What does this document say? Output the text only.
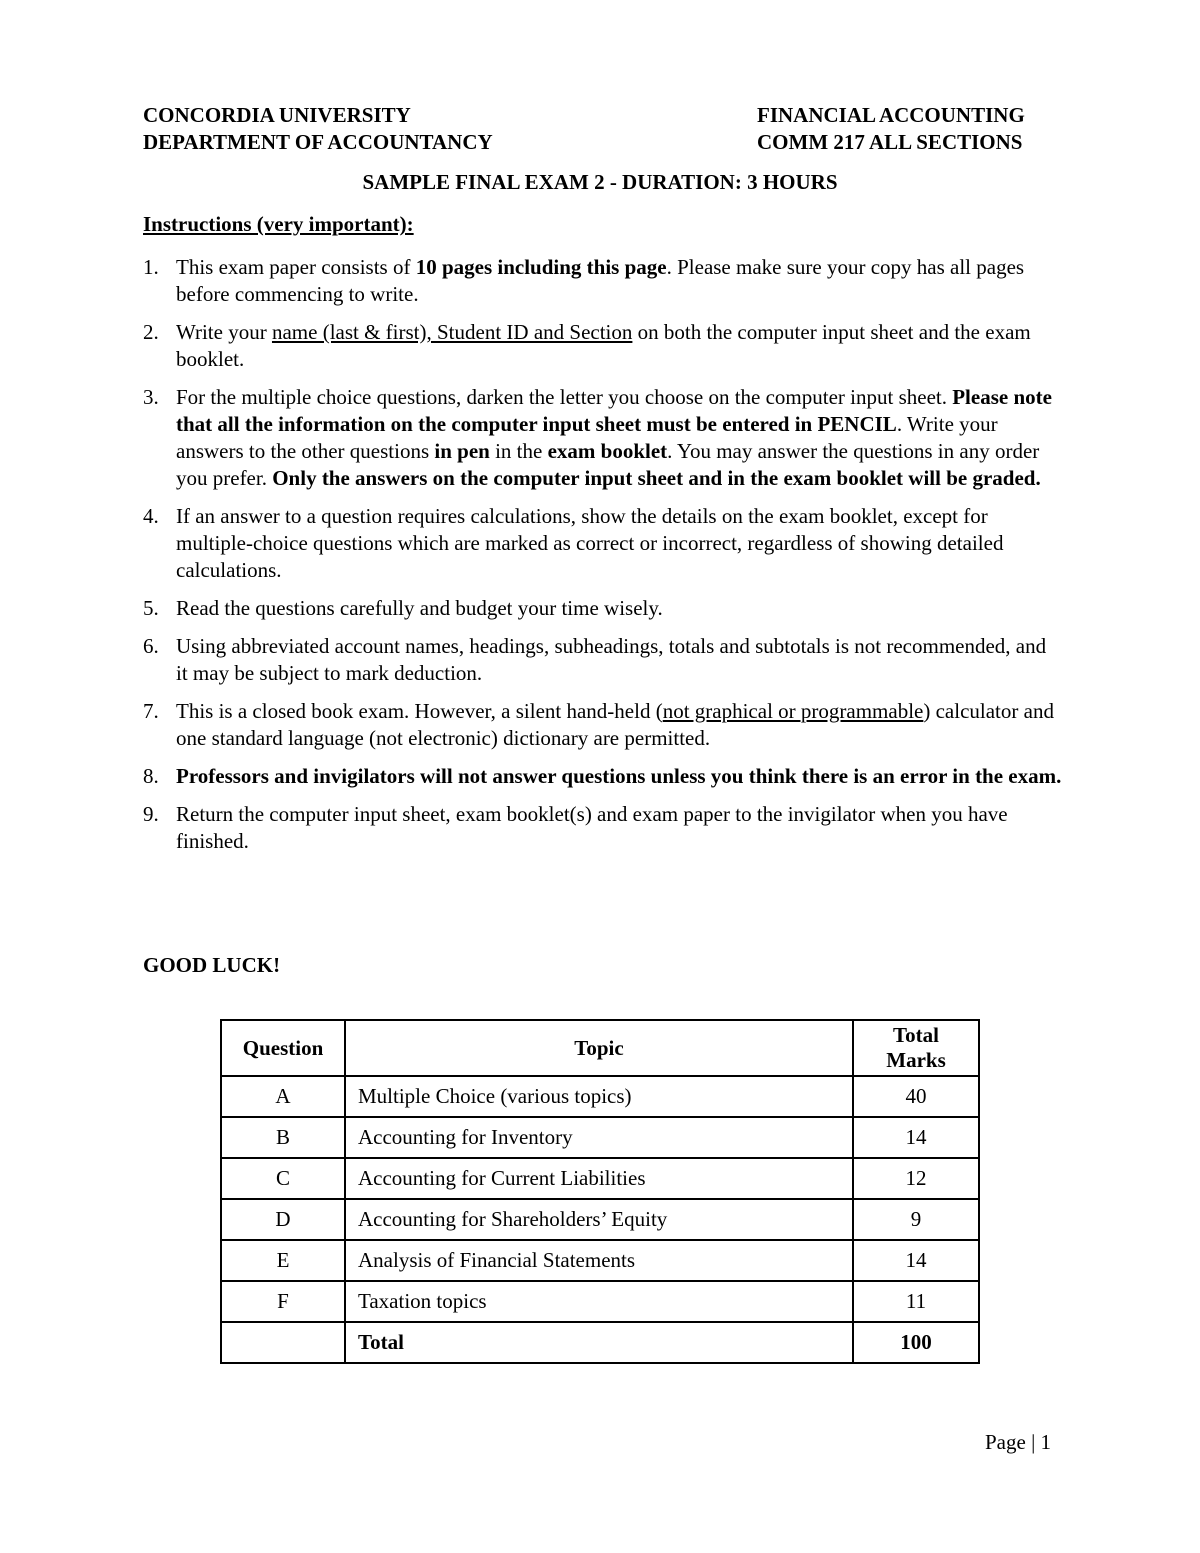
CONCORDIA UNIVERSITY
DEPARTMENT OF ACCOUNTANCY
FINANCIAL ACCOUNTING
COMM 217 ALL SECTIONS
SAMPLE FINAL EXAM 2 - DURATION: 3 HOURS
Instructions (very important):
1. This exam paper consists of 10 pages including this page. Please make sure your copy has all pages before commencing to write.
2. Write your name (last & first), Student ID and Section on both the computer input sheet and the exam booklet.
3. For the multiple choice questions, darken the letter you choose on the computer input sheet. Please note that all the information on the computer input sheet must be entered in PENCIL. Write your answers to the other questions in pen in the exam booklet. You may answer the questions in any order you prefer. Only the answers on the computer input sheet and in the exam booklet will be graded.
4. If an answer to a question requires calculations, show the details on the exam booklet, except for multiple-choice questions which are marked as correct or incorrect, regardless of showing detailed calculations.
5. Read the questions carefully and budget your time wisely.
6. Using abbreviated account names, headings, subheadings, totals and subtotals is not recommended, and it may be subject to mark deduction.
7. This is a closed book exam. However, a silent hand-held (not graphical or programmable) calculator and one standard language (not electronic) dictionary are permitted.
8. Professors and invigilators will not answer questions unless you think there is an error in the exam.
9. Return the computer input sheet, exam booklet(s) and exam paper to the invigilator when you have finished.
GOOD LUCK!
Question	Topic	Total
Marks

A	Multiple Choice (various topics)	40
B	Accounting for Inventory	14
C	Accounting for Current Liabilities	12
D	Accounting for Shareholders’ Equity	9
E	Analysis of Financial Statements	14
F	Taxation topics	11
	Total	100
Page | 1
